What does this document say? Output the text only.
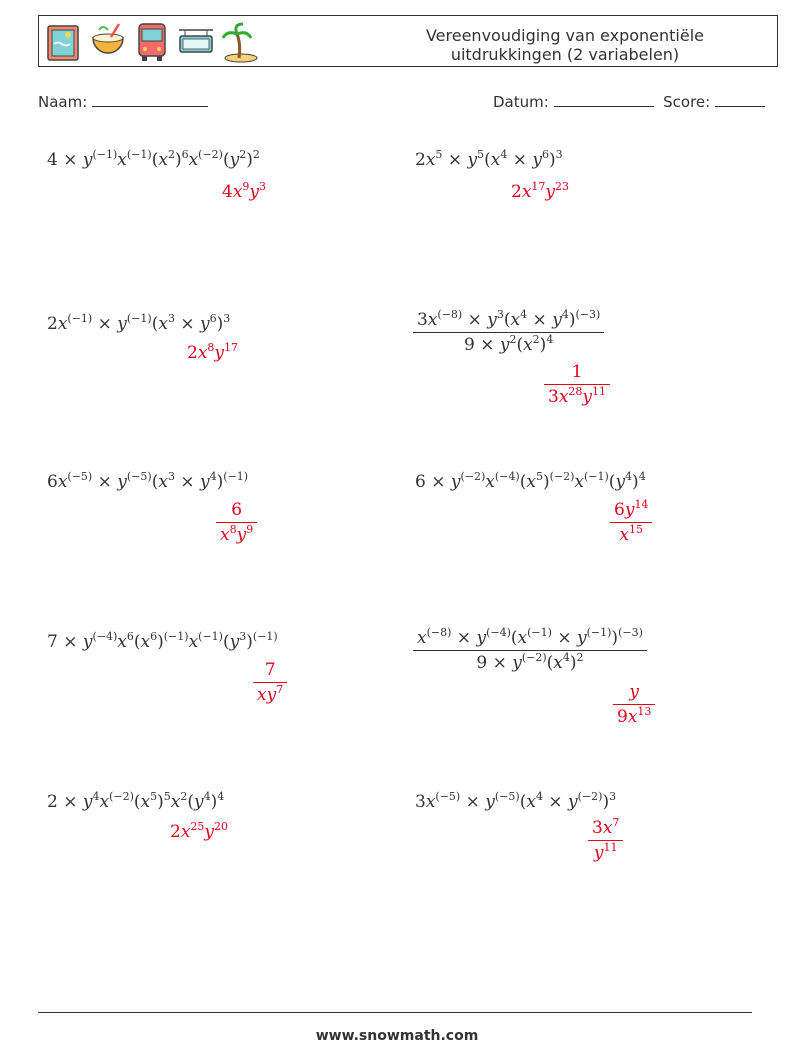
Vereenvoudiging van exponentiële
uitdrukkingen (2 variabelen)
Naam:	Datum:	Score:
$4 \times y^{(-1)}x^{(-1)}(x^2)^6x^{(-2)}(y^2)^2$
$4x^9y^3$
$2x^5 \times y^5(x^4 \times y^6)^3$
$2x^{17}y^{23}$
$2x^{(-1)} \times y^{(-1)}(x^3 \times y^6)^3$
$2x^8y^{17}$
$3x^{(-8)} \times y^3(x^4 \times y^4)^{(-3)}$
$9 \times y^2(x^2)^4$
1
$3x^{28}y^{11}$
$6x^{(-5)} \times y^{(-5)}(x^3 \times y^4)^{(-1)}$
6
$x^8y^9$
$6 \times y^{(-2)}x^{(-4)}(x^5)^{(-2)}x^{(-1)}(y^4)^4$
$6y^{14}$
$x^{15}$
$7 \times y^{(-4)}x^6(x^6)^{(-1)}x^{(-1)}(y^3)^{(-1)}$
7
$xy^7$
$x^{(-8)} \times y^{(-4)}(x^{(-1)} \times y^{(-1)})^{(-3)}$
$9 \times y^{(-2)}(x^4)^2$
y
$9x^{13}$
$2 \times y^4x^{(-2)}(x^5)^5x^2(y^4)^4$
$2x^{25}y^{20}$
$3x^{(-5)} \times y^{(-5)}(x^4 \times y^{(-2)})^3$
$3x^7$
$y^{11}$
www.snowmath.com
